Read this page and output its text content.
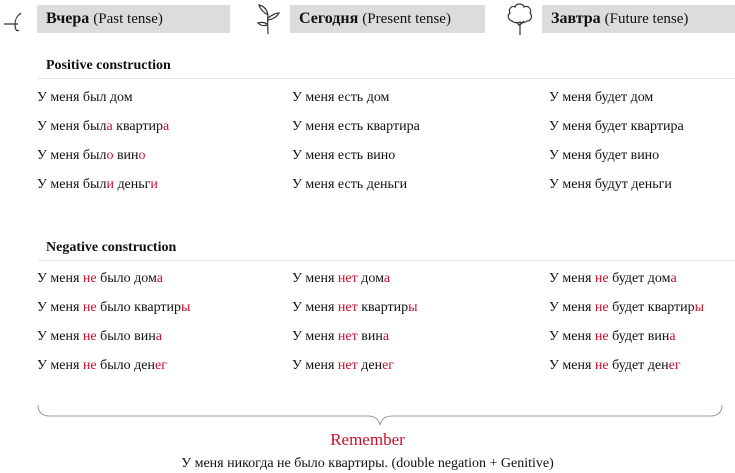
Вчера
(Past tense)	Сегодня
(Present tense)	Завтра
(Future tense)
Positive construction
У меня был дом
У меня была квартира
У меня было вино
У меня были деньги
У меня есть дом
У меня есть квартира
У меня есть вино
У меня есть деньги
У меня будет дом
У меня будет квартира
У меня будет вино
У меня будут деньги
Negative construction
У меня не было дома
У меня не было квартиры
У меня не было вина
У меня не было денег
У меня нет дома
У меня нет квартиры
У меня нет вина
У меня нет денег
У меня не будет дома
У меня не будет квартиры
У меня не будет вина
У меня не будет денег
Remember
У меня никогда не было квартиры. (double negation + Genitive)
